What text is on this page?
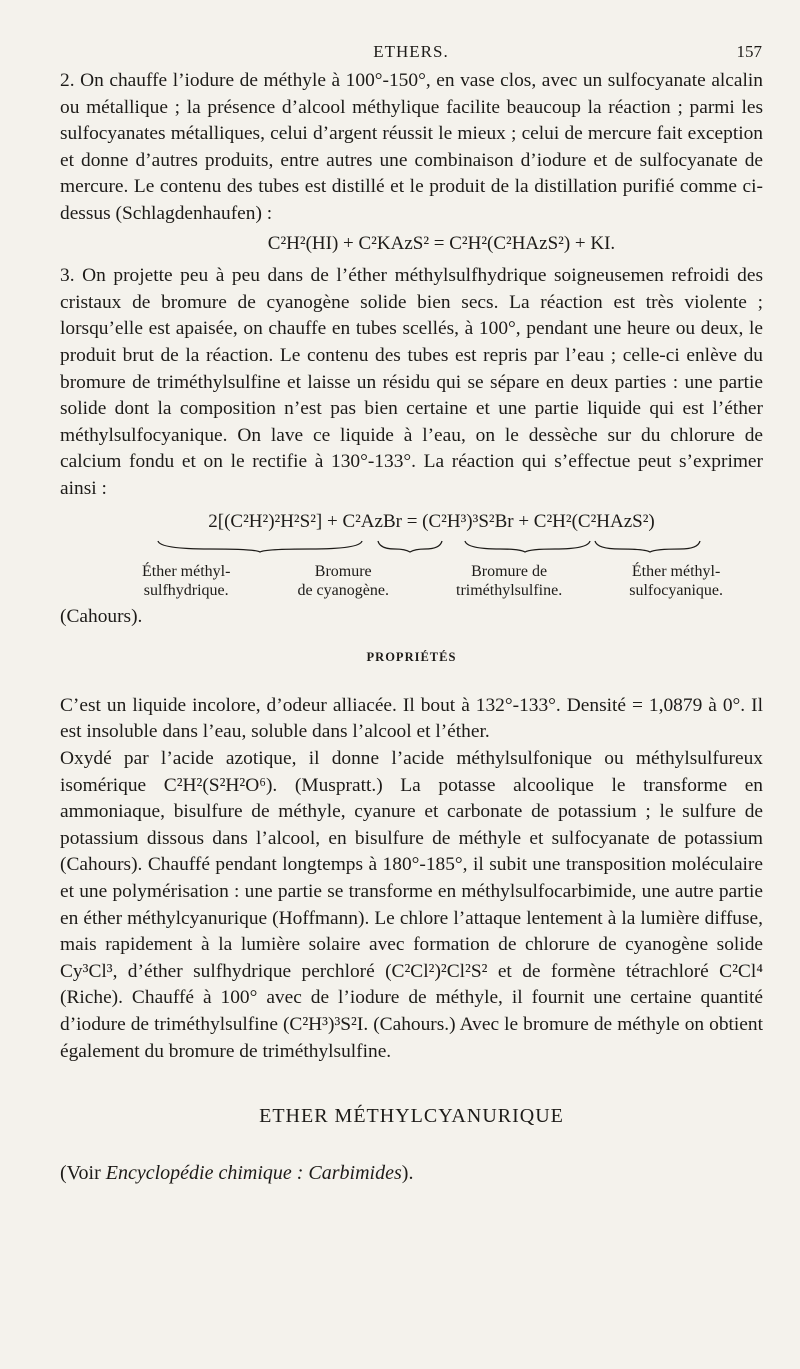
ETHERS.	157

2. On chauffe l’iodure de méthyle à 100°-150°, en vase clos, avec un sulfocyanate alcalin ou métallique ; la présence d’alcool méthylique facilite beaucoup la réaction ; parmi les sulfocyanates métalliques, celui d’argent réussit le mieux ; celui de mercure fait exception et donne d’autres produits, entre autres une combinaison d’iodure et de sulfocyanate de mercure. Le contenu des tubes est distillé et le produit de la distillation purifié comme ci-dessus (Schlagdenhaufen) :

C²H²(HI) + C²KAzS² = C²H²(C²HAzS²) + KI.

3. On projette peu à peu dans de l’éther méthylsulfhydrique soigneusemen refroidi des cristaux de bromure de cyanogène solide bien secs. La réaction est très violente ; lorsqu’elle est apaisée, on chauffe en tubes scellés, à 100°, pendant une heure ou deux, le produit brut de la réaction. Le contenu des tubes est repris par l’eau ; celle-ci enlève du bromure de triméthylsulfine et laisse un résidu qui se sépare en deux parties : une partie solide dont la composition n’est pas bien certaine et une partie liquide qui est l’éther méthylsulfocyanique. On lave ce liquide à l’eau, on le dessèche sur du chlorure de calcium fondu et on le rectifie à 130°-133°. La réaction qui s’effectue peut s’exprimer ainsi :

2[(C²H²)²H²S²] + C²AzBr = (C²H³)³S²Br + C²H²(C²HAzS²)
Éther méthyl-
sulfhydrique.
Bromure
de cyanogène.
Bromure de
triméthylsulfine.
Éther méthyl-
sulfocyanique.

(Cahours).

PROPRIÉTÉS

C’est un liquide incolore, d’odeur alliacée. Il bout à 132°-133°. Densité = 1,0879 à 0°. Il est insoluble dans l’eau, soluble dans l’alcool et l’éther.

Oxydé par l’acide azotique, il donne l’acide méthylsulfonique ou méthylsulfureux isomérique C²H²(S²H²O⁶). (Muspratt.) La potasse alcoolique le transforme en ammoniaque, bisulfure de méthyle, cyanure et carbonate de potassium ; le sulfure de potassium dissous dans l’alcool, en bisulfure de méthyle et sulfocyanate de potassium (Cahours). Chauffé pendant longtemps à 180°-185°, il subit une transposition moléculaire et une polymérisation : une partie se transforme en méthylsulfocarbimide, une autre partie en éther méthylcyanurique (Hoffmann). Le chlore l’attaque lentement à la lumière diffuse, mais rapidement à la lumière solaire avec formation de chlorure de cyanogène solide Cy³Cl³, d’éther sulfhydrique perchloré (C²Cl²)²Cl²S² et de formène tétrachloré C²Cl⁴ (Riche). Chauffé à 100° avec de l’iodure de méthyle, il fournit une certaine quantité d’iodure de triméthylsulfine (C²H³)³S²I. (Cahours.) Avec le bromure de méthyle on obtient également du bromure de triméthylsulfine.

ETHER MÉTHYLCYANURIQUE

(Voir Encyclopédie chimique : Carbimides).
